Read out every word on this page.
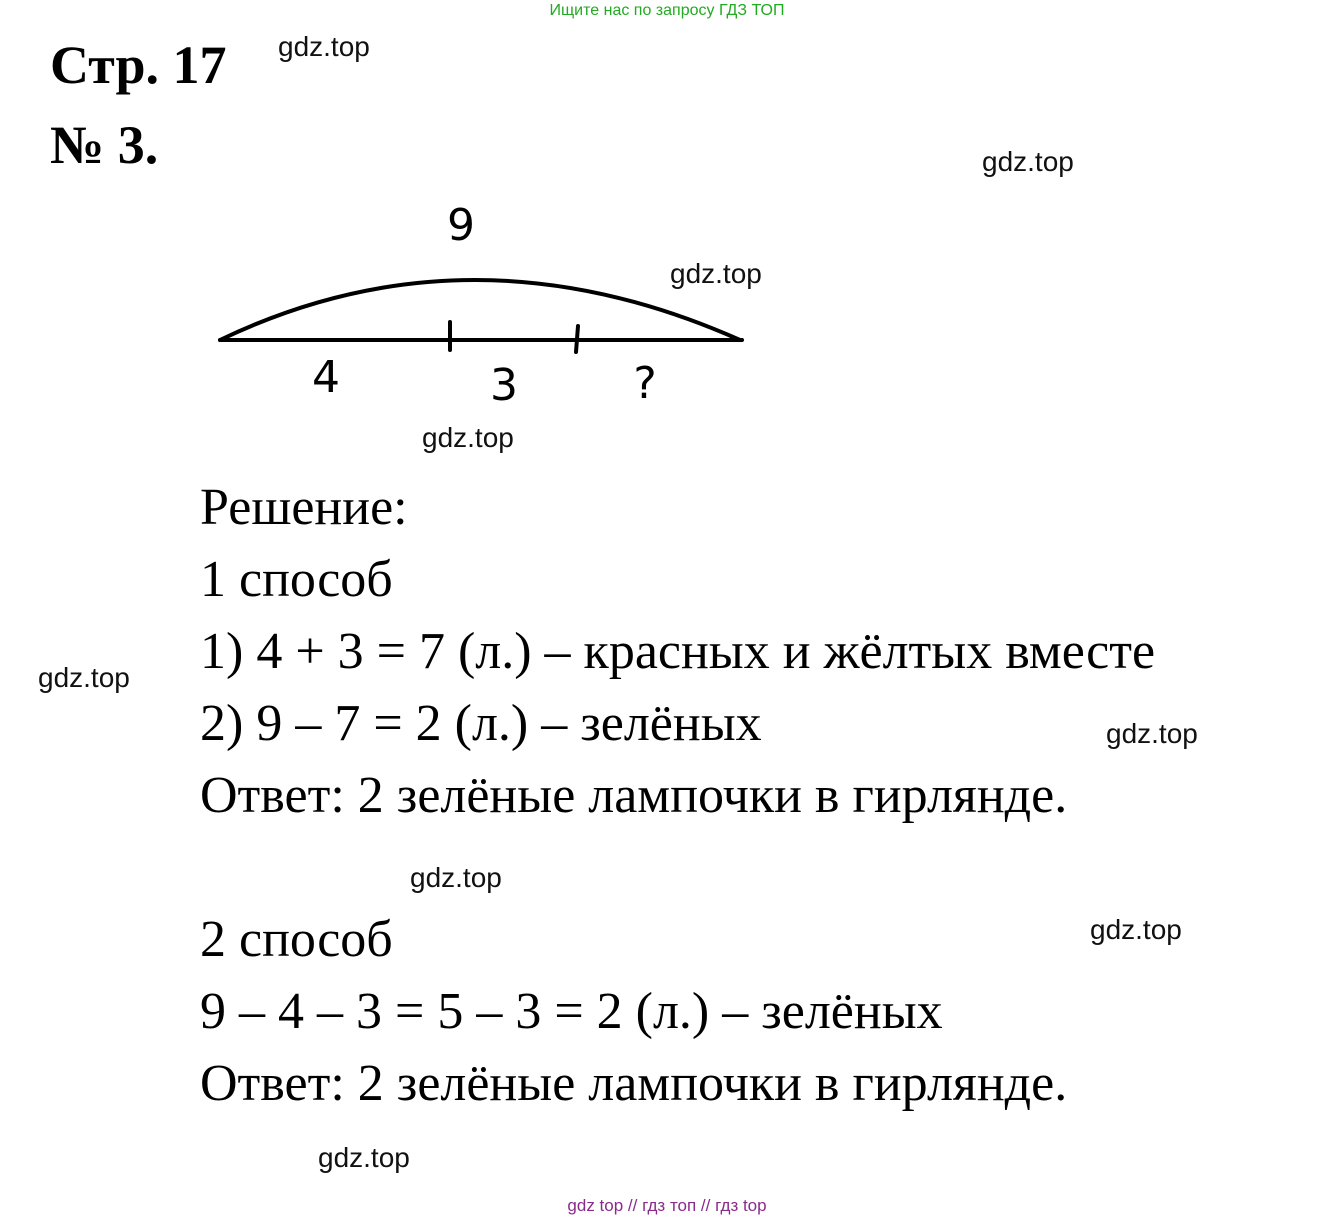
Ищите нас по запросу ГДЗ ТОП
Стр. 17
№ 3.
gdz.top
gdz.top
gdz.top
gdz.top
gdz.top
gdz.top
gdz.top
gdz.top
gdz.top
9
4	3	?
Решение:
1 способ
1) 4 + 3 = 7 (л.) – красных и жёлтых вместе
2) 9 – 7 = 2 (л.) – зелёных
Ответ: 2 зелёные лампочки в гирлянде.
2 способ
9 – 4 – 3 = 5 – 3 = 2 (л.) – зелёных
Ответ: 2 зелёные лампочки в гирлянде.
gdz top // гдз топ // гдз top
